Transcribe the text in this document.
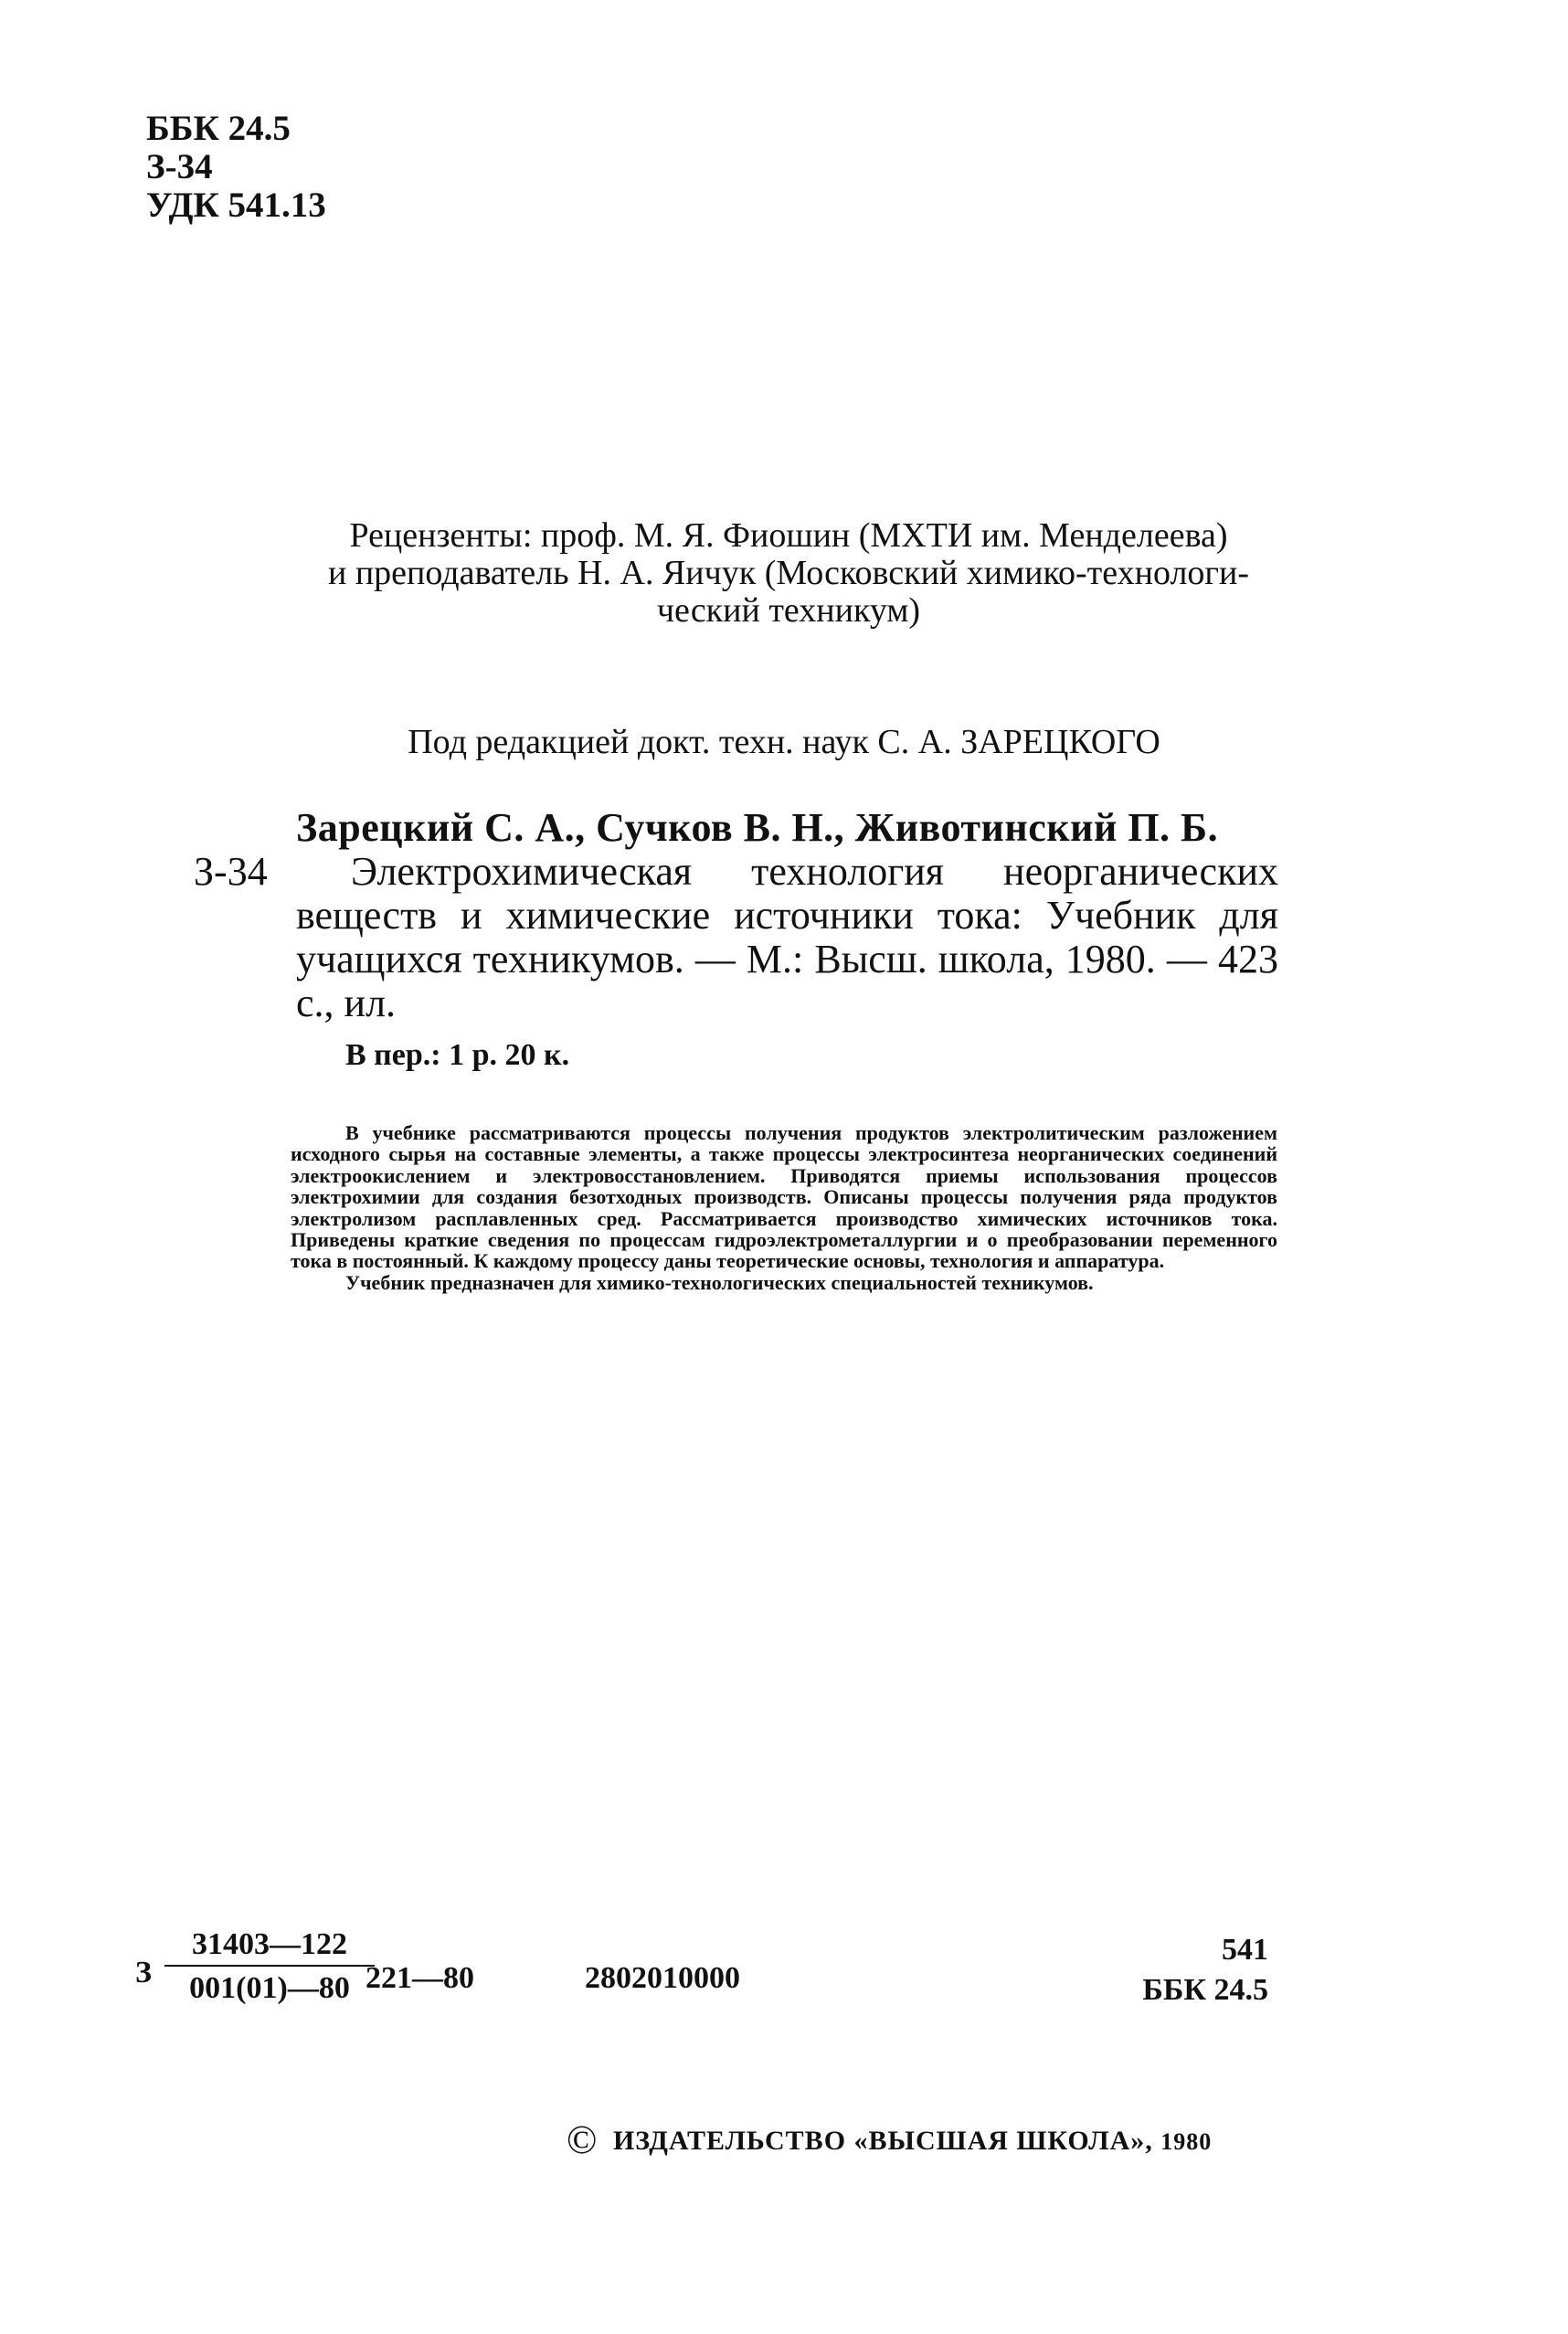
ББК 24.5
З-34
УДК 541.13
Рецензенты: проф. М. Я. Фиошин (МХТИ им. Менделеева)
и преподаватель Н. А. Яичук (Московский химико-технологи-
ческий техникум)
Под редакцией докт. техн. наук С. А. ЗАРЕЦКОГО
Зарецкий С. А., Сучков В. Н., Животинский П. Б.
З-34	Электрохимическая технология неорганических веществ и химические источники тока: Учебник для учащихся техникумов. — М.: Высш. школа, 1980. — 423 с., ил.
В пер.: 1 р. 20 к.

В учебнике рассматриваются процессы получения продуктов электролитическим разложением исходного сырья на составные элементы, а также процессы электросинтеза неорганических соединений электроокислением и электровосстановлением. Приводятся приемы использования процессов электрохимии для создания безотходных производств. Описаны процессы получения ряда продуктов электролизом расплавленных сред. Рассматривается производство химических источников тока. Приведены краткие сведения по процессам гидроэлектрометаллургии и о преобразовании переменного тока в постоянный. К каждому процессу даны теоретические основы, технология и аппаратура.

Учебник предназначен для химико-технологических специальностей техникумов.

З
31403—122
001(01)—80 221—80	2802010000
541
ББК 24.5
© ИЗДАТЕЛЬСТВО «ВЫСШАЯ ШКОЛА», 1980
